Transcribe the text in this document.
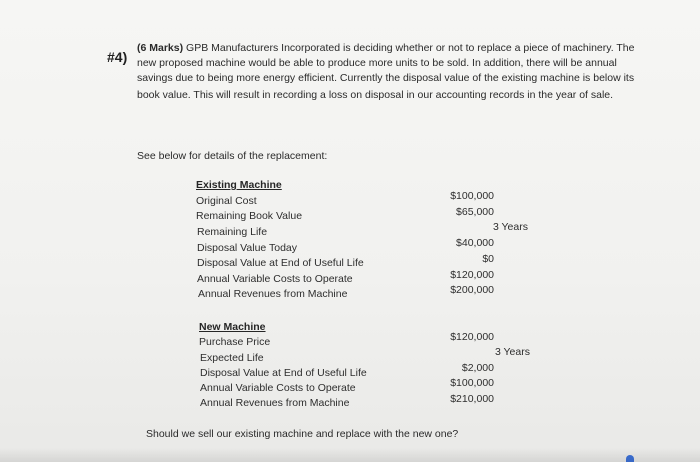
#4)
(6 Marks) GPB Manufacturers Incorporated is deciding whether or not to replace a piece of machinery. The
new proposed machine would be able to produce more units to be sold. In addition, there will be annual
savings due to being more energy efficient. Currently the disposal value of the existing machine is below its
book value. This will result in recording a loss on disposal in our accounting records in the year of sale.
See below for details of the replacement:
Existing Machine
Original Cost	$100,000
Remaining Book Value	$65,000
Remaining Life	3 Years
Disposal Value Today	$40,000
Disposal Value at End of Useful Life	$0
Annual Variable Costs to Operate	$120,000
Annual Revenues from Machine	$200,000
New Machine
Purchase Price	$120,000
Expected Life	3 Years
Disposal Value at End of Useful Life	$2,000
Annual Variable Costs to Operate	$100,000
Annual Revenues from Machine	$210,000
Should we sell our existing machine and replace with the new one?
